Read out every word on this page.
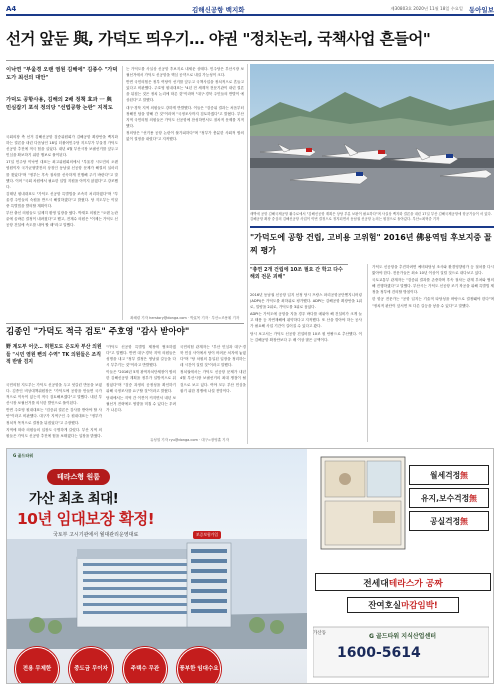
A4	김해신공항 백지화	제30803호 2020년 11월 18일 수요일 동아일보
선거 앞둔 與, 가덕도 띄우기… 야권 "정치논리, 국책사업 흔들어"
이낙연 "부울경 오랜 염원 김해에" 김종수 "가덕도가 최선의 대안"
가덕도 공항사용, 김해의 2배 정책 효과 ㅡ 與 민심잡기 포석 정의당 "선법공항 논란" 지적도

국회의장 측 선거 김해신공항 검증위원회가 김해공항 확장안을 백지화하는 결론을 내린 다음날인 18일 더불어민주당 지도부가 부울경 가덕도 신공항 추진에 적극 힘을 실었다. 내년 4월 부산시장 보궐선거를 앞두고 민심을 확보하기 위한 행보로 풀이된다.

17일 민주당 이낙연 대표는 최고위원회의에서 "부울경 시도민의 오랜 염원이자 국가균형발전의 상징인 동남권 신공항 문제가 해결의 실마리를 찾았다"며 "정부는 후속 절차를 신속하게 진행해 주기 바란다"고 말했다. 이어 "국회 차원에서 필요한 입법 지원을 아끼지 않겠다"고 강조했다.

김태년 원내대표도 "가덕도 신공항 특별법을 조속히 처리하겠다"며 "부울경 주민들의 숙원을 반드시 해결하겠다"고 밝혔다. 당 지도부는 이달 중 특별법을 발의할 계획이다.

부산 출신 의원들도 일제히 환영 입장을 냈다. 박재호 의원은 "오랜 논란 끝에 올바른 결정이 내려졌다"고 했고, 전재수 의원은 "이제는 가덕도 신공항 건설에 속도를 내야 할 때"라고 말했다.

는 가덕도를 사실상 신공항 후보지로 내세운 상태다. 민주당은 부산시장 보궐선거에서 가덕도 신공항을 핵심 공약으로 내걸 가능성이 크다.

반면 국민의힘은 정부 여당이 선거를 앞두고 국책사업을 정치적으로 흔들고 있다고 비판했다. 주호영 원내대표는 "4년 전 세계적 전문기관이 내린 결론을 뒤집는 것은 정치 논리에 따른 것"이라며 "대구·경북 주민들의 반발이 예상된다"고 말했다.

대구·경북 지역 의원들도 강하게 반발했다. 이들은 "검증위 결과는 처음부터 정해진 답을 향해 간 것"이라며 "국정조사까지 검토하겠다"고 밝혔다. 부산 지역 국민의힘 의원들은 가덕도 신공항에 찬성하면서도 절차적 문제를 지적했다.

정의당은 "선거용 공항 논란이 불가피하다"며 "정부가 충분한 사회적 합의 없이 결정을 내렸다"고 지적했다.

새벽에 공항 김해국제공항 활주로에서 "김해신공항 계획은 상당 부분 보완이 필요하다"며 사실상 백지화 결론을 내린 17일 부산 김해국제공항에 항공기들이 서 있다. 김해공항 확장 중심의 김해신공항 사업이 이번 결정으로 정지되면서 동남권 신공항 논의는 원점으로 돌아갔다. 부산=최혁중 기자
"가덕도에 공항 건립, 고비용 고위험" 2016년 佛용역팀 후보지중 꼴찌 평가
"총연 2개 건립에 10조 필요 간 학고 다수 해외 전문 괴해"

2016년 동남권 신공항 입지 선정 당시 프랑스 파리공항공단엔지니어링(ADPi)은 가덕도를 최하위로 평가했다. ADPi는 김해공항 확장안을 1위로, 밀양을 2위로, 가덕도를 3위로 꼽았다.

ADPi는 가덕도에 공항을 지을 경우 바다를 메워야 해 건설비가 크게 늘고 태풍 등 자연재해에 취약하다고 지적했다. 또 산을 깎아야 하는 공사가 필요해 사업 기간이 길어질 수 있다고 봤다.

당시 보고서는 가덕도 신공항 건설비를 10조 원 안팎으로 추산했다. 이는 김해공항 확장안보다 두 배 이상 많은 금액이다.

가덕도 신공항을 추진하려면 예비타당성 조사와 환경영향평가 등 절차를 다시 밟아야 한다. 전문가들은 최소 10년 이상이 걸릴 것으로 내다보고 있다.

국토교통부 관계자는 "검증위 결과를 존중하며 후속 절차는 관계 부처와 협의해 진행하겠다"고 말했다. 부산시는 가덕도 신공항 조기 착공을 위해 특별법 제정을 정부에 건의할 방침이다.

한 항공 전문가는 "공항 입지는 기술적 타당성을 바탕으로 결정돼야 한다"며 "정치적 판단이 앞서면 또 다른 갈등을 낳을 수 있다"고 말했다.

최혜령 기자 herstory@donga.com · 박효목 기자 · 부산=조용휘 기자
김종인 "가덕도 적극 검토" 주호영 "감사 받아야"
野 계도부 어긋… 허현도도 온도차 부산 의원들 "시민 염원 뻔의 수역" TK 의원들은 조직적 반발 검지

국민의힘 지도부는 가덕도 신공항을 두고 엇갈린 반응을 보였다. 김종인 비상대책위원장은 "가덕도에 공항을 만들면 국가적으로 이득이 있는지 적극 검토해보겠다"고 말했다. 내년 부산시장 보궐선거를 의식한 발언으로 풀이된다.

반면 주호영 원내대표는 "검증위 결론은 감사를 받아야 할 사안"이라고 비판했다. 대구가 지역구인 주 원내대표는 "정부가 정치적 목적으로 결정을 뒤집었다"고 주장했다.

지역에 따라 의원들의 입장도 극명하게 갈렸다. 부산 지역 의원들은 가덕도 신공항 추진에 힘을 보태겠다는 입장을 밝혔다.

"가덕도 신공항 특별법 제정에 협조하겠다"고 말했다. 반면 대구·경북 지역 의원들은 성명을 내고 "정부 결정은 영남권 갈등을 다시 부추기는 것"이라고 반발했다.

이들은 "2016년 5개 광역자치단체장이 합의한 김해신공항 계획을 정부가 일방적으로 뒤집었다"며 "검증 과정의 공정성을 확인하기 위해 국정조사를 요구할 것"이라고 밝혔다.

당내에서는 지역 간 이견이 커지면서 내년 보궐선거 전략에도 영향을 미칠 수 있다는 우려가 나온다.

국민의힘 관계자는 "부산 민심과 대구·경북 민심 사이에서 당이 어려운 처지에 놓였다"며 "당 차원의 통일된 입장을 정리하는 데 시간이 걸릴 것"이라고 말했다.

정치권에서는 가덕도 신공항 문제가 내년 4월 부산시장 보궐선거의 최대 쟁점이 될 것으로 보고 있다. 여야 모두 부산 민심을 잡기 위한 경쟁에 나설 전망이다.

유성열 기자 ryu@donga.com · 대구=장영훈 기자
G 골드타워
테라스형 원룸
가산 최초 최대!
10년 임대보장 확정!
국토부 고시기관에서 월대관리운영대료	보증보험가입
전용 무제한	중도금 무이자	주택수 무관	풍부한 임대수요
월세걱정 無
유지,보수걱정 無
공실걱정 無
전세대 테라스가 공짜
잔여호실 마감임박!
가산동	G 골드타워 지식산업센터
1600-5614
